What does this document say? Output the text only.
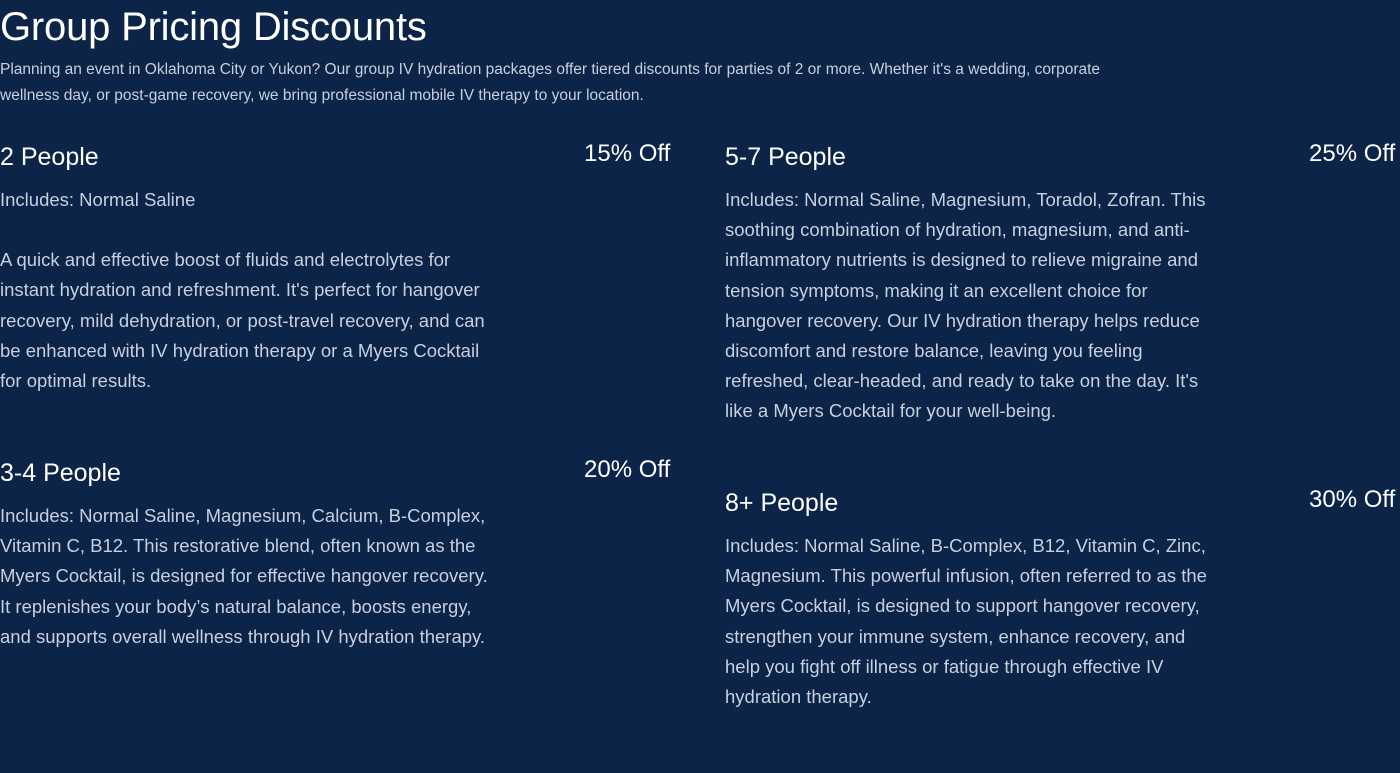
Group Pricing Discounts

Planning an event in Oklahoma City or Yukon? Our group IV hydration packages offer tiered discounts for parties of 2 or more. Whether it's a wedding, corporate wellness day, or post-game recovery, we bring professional mobile IV therapy to your location.

2 People	15% Off

Includes: Normal Saline

A quick and effective boost of fluids and electrolytes for instant hydration and refreshment. It's perfect for hangover recovery, mild dehydration, or post-travel recovery, and can be enhanced with IV hydration therapy or a Myers Cocktail for optimal results.

3-4 People	20% Off

Includes: Normal Saline, Magnesium, Calcium, B-Complex, Vitamin C, B12. This restorative blend, often known as the Myers Cocktail, is designed for effective hangover recovery. It replenishes your body’s natural balance, boosts energy, and supports overall wellness through IV hydration therapy.

5-7 People	25% Off

Includes: Normal Saline, Magnesium, Toradol, Zofran. This soothing combination of hydration, magnesium, and anti-inflammatory nutrients is designed to relieve migraine and tension symptoms, making it an excellent choice for hangover recovery. Our IV hydration therapy helps reduce discomfort and restore balance, leaving you feeling refreshed, clear-headed, and ready to take on the day. It's like a Myers Cocktail for your well-being.

8+ People	30% Off

Includes: Normal Saline, B-Complex, B12, Vitamin C, Zinc, Magnesium. This powerful infusion, often referred to as the Myers Cocktail, is designed to support hangover recovery, strengthen your immune system, enhance recovery, and help you fight off illness or fatigue through effective IV hydration therapy.
